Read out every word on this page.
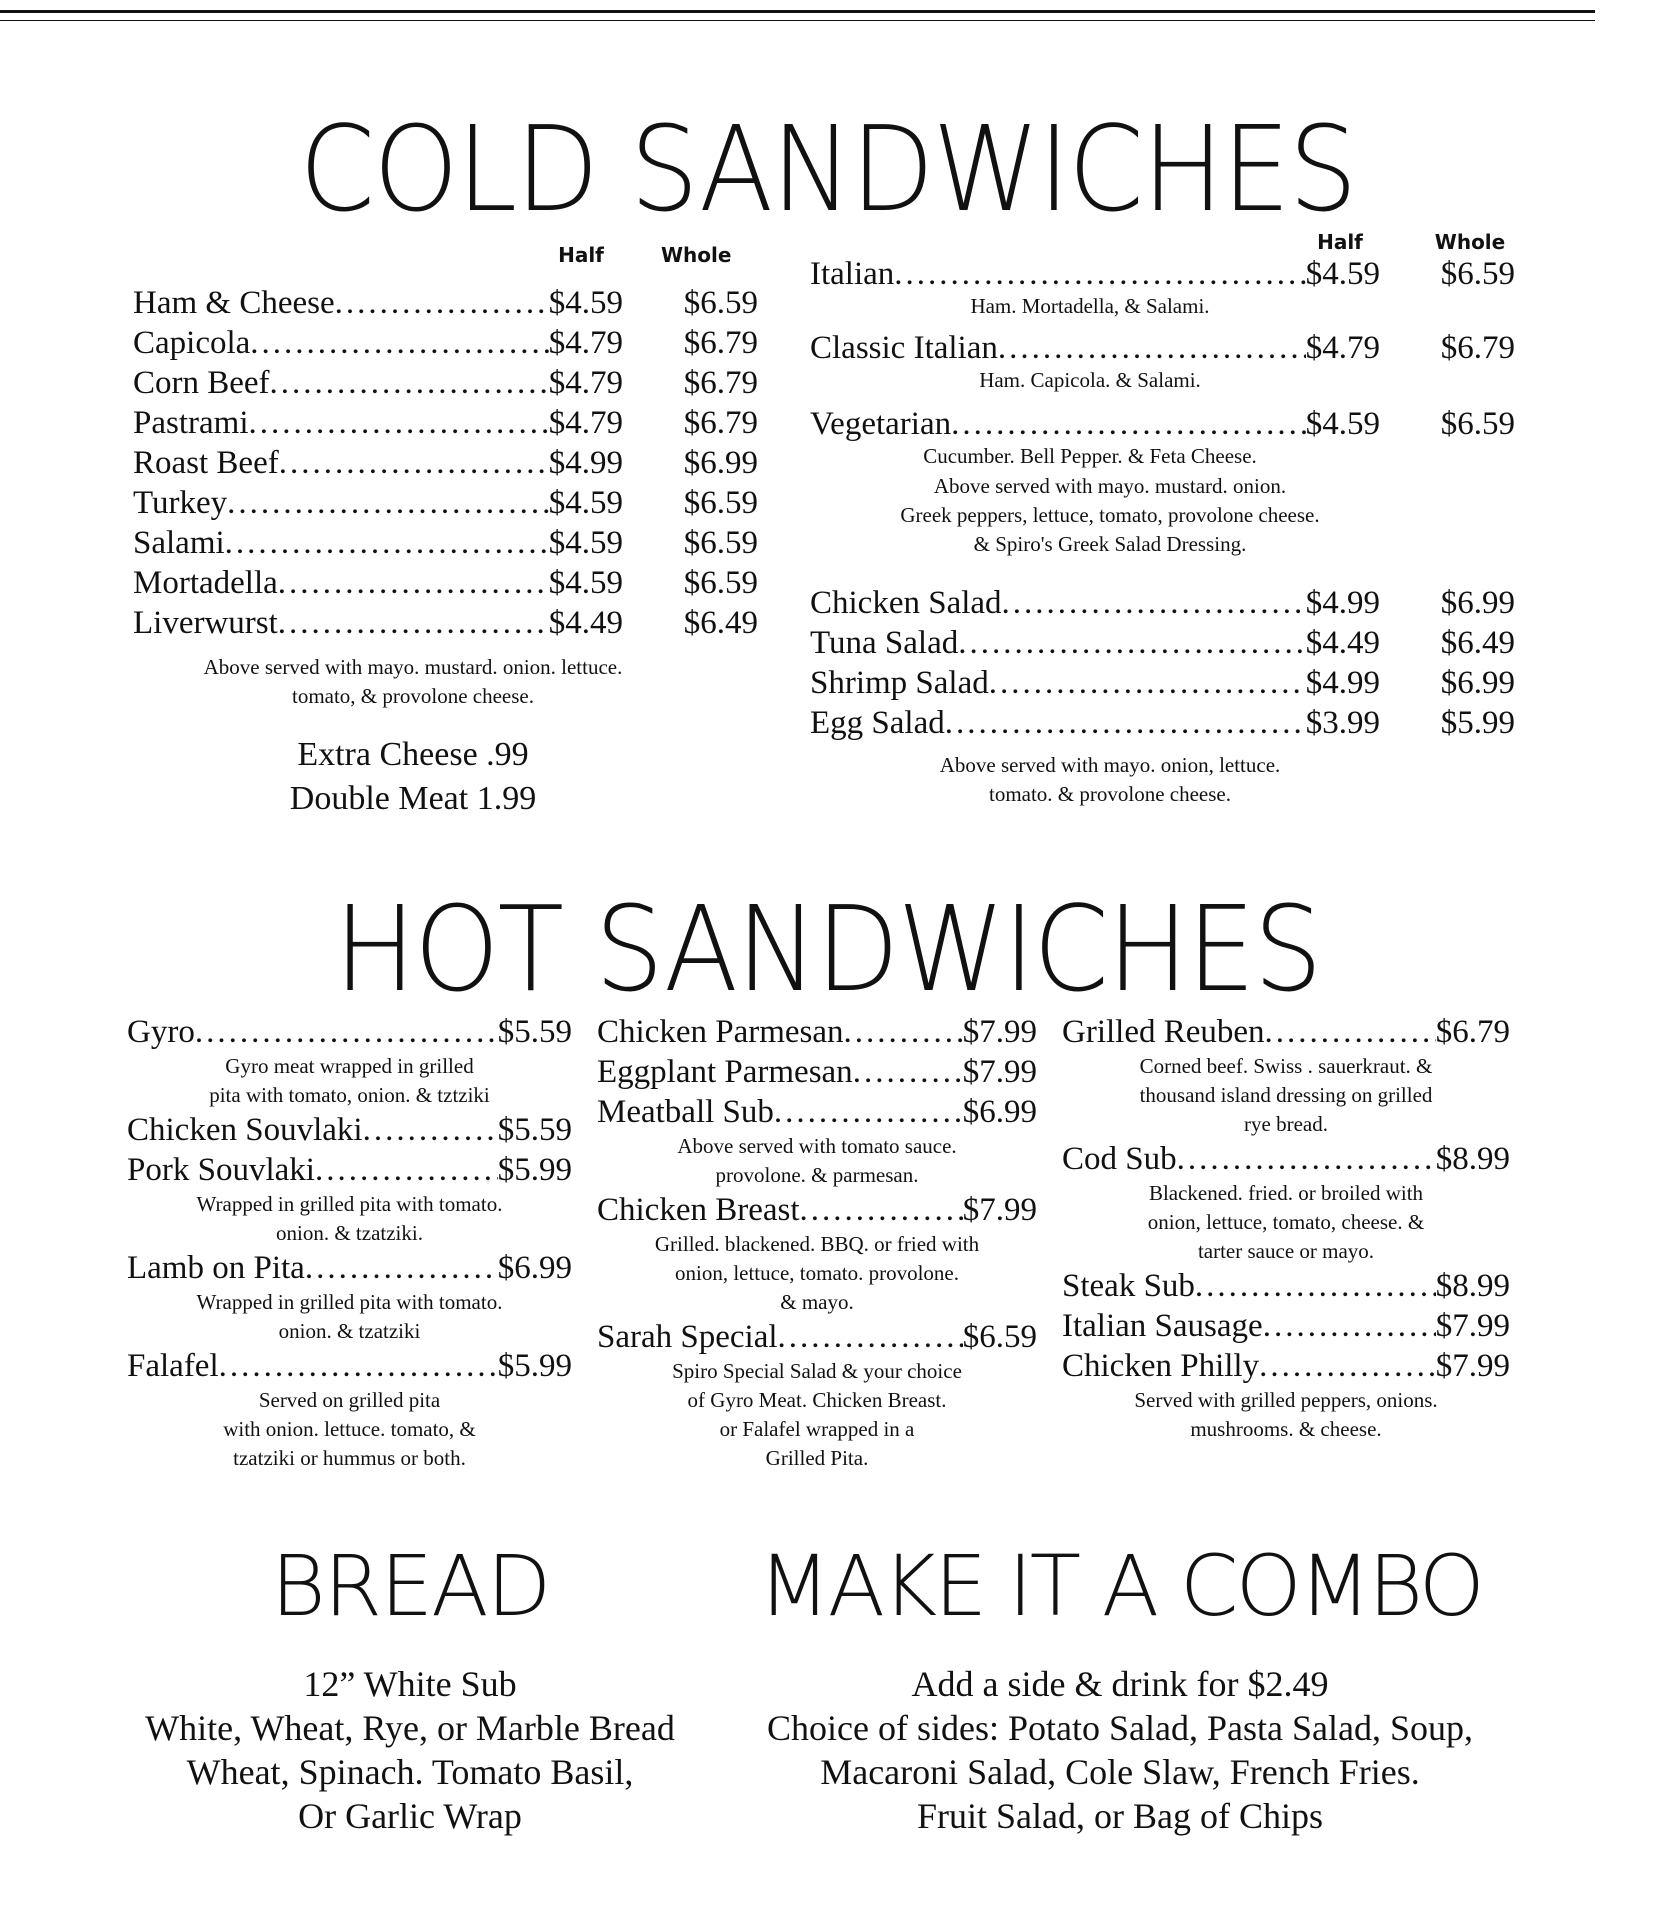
COLD SANDWICHES
Half	Whole
Ham & Cheese .....	$4.59	$6.59
Capicola .....	$4.79	$6.79
Corn Beef .....	$4.79	$6.79
Pastrami .....	$4.79	$6.79
Roast Beef .....	$4.99	$6.99
Turkey .....	$4.59	$6.59
Salami .....	$4.59	$6.59
Mortadella .....	$4.59	$6.59
Liverwurst .....	$4.49	$6.49
Above served with mayo. mustard. onion. lettuce.
tomato, & provolone cheese.
Extra Cheese .99
Double Meat 1.99
Half	Whole
Italian .....	$4.59	$6.59
Ham. Mortadella, & Salami.
Classic Italian .....	$4.79	$6.79
Ham. Capicola. & Salami.
Vegetarian .....	$4.59	$6.59
Cucumber. Bell Pepper. & Feta Cheese.
Above served with mayo. mustard. onion.
Greek peppers, lettuce, tomato, provolone cheese.
& Spiro's Greek Salad Dressing.
Chicken Salad .....	$4.99	$6.99
Tuna Salad .....	$4.49	$6.49
Shrimp Salad .....	$4.99	$6.99
Egg Salad .....	$3.99	$5.99
Above served with mayo. onion, lettuce.
tomato. & provolone cheese.
HOT SANDWICHES
Gyro .....	$5.59
Gyro meat wrapped in grilled
pita with tomato, onion. & tztziki
Chicken Souvlaki .....	$5.59
Pork Souvlaki .....	$5.99
Wrapped in grilled pita with tomato.
onion. & tzatziki.
Lamb on Pita .....	$6.99
Wrapped in grilled pita with tomato.
onion. & tzatziki
Falafel .....	$5.99
Served on grilled pita
with onion. lettuce. tomato, &
tzatziki or hummus or both.
Chicken Parmesan .....	$7.99
Eggplant Parmesan .....	$7.99
Meatball Sub .....	$6.99
Above served with tomato sauce.
provolone. & parmesan.
Chicken Breast .....	$7.99
Grilled. blackened. BBQ. or fried with
onion, lettuce, tomato. provolone.
& mayo.
Sarah Special .....	$6.59
Spiro Special Salad & your choice
of Gyro Meat. Chicken Breast.
or Falafel wrapped in a
Grilled Pita.
Grilled Reuben .....	$6.79
Corned beef. Swiss . sauerkraut. &
thousand island dressing on grilled
rye bread.
Cod Sub .....	$8.99
Blackened. fried. or broiled with
onion, lettuce, tomato, cheese. &
tarter sauce or mayo.
Steak Sub .....	$8.99
Italian Sausage .....	$7.99
Chicken Philly .....	$7.99
Served with grilled peppers, onions.
mushrooms. & cheese.
BREAD
12” White Sub
White, Wheat, Rye, or Marble Bread
Wheat, Spinach. Tomato Basil,
Or Garlic Wrap
MAKE IT A COMBO
Add a side & drink for $2.49
Choice of sides: Potato Salad, Pasta Salad, Soup,
Macaroni Salad, Cole Slaw, French Fries.
Fruit Salad, or Bag of Chips
